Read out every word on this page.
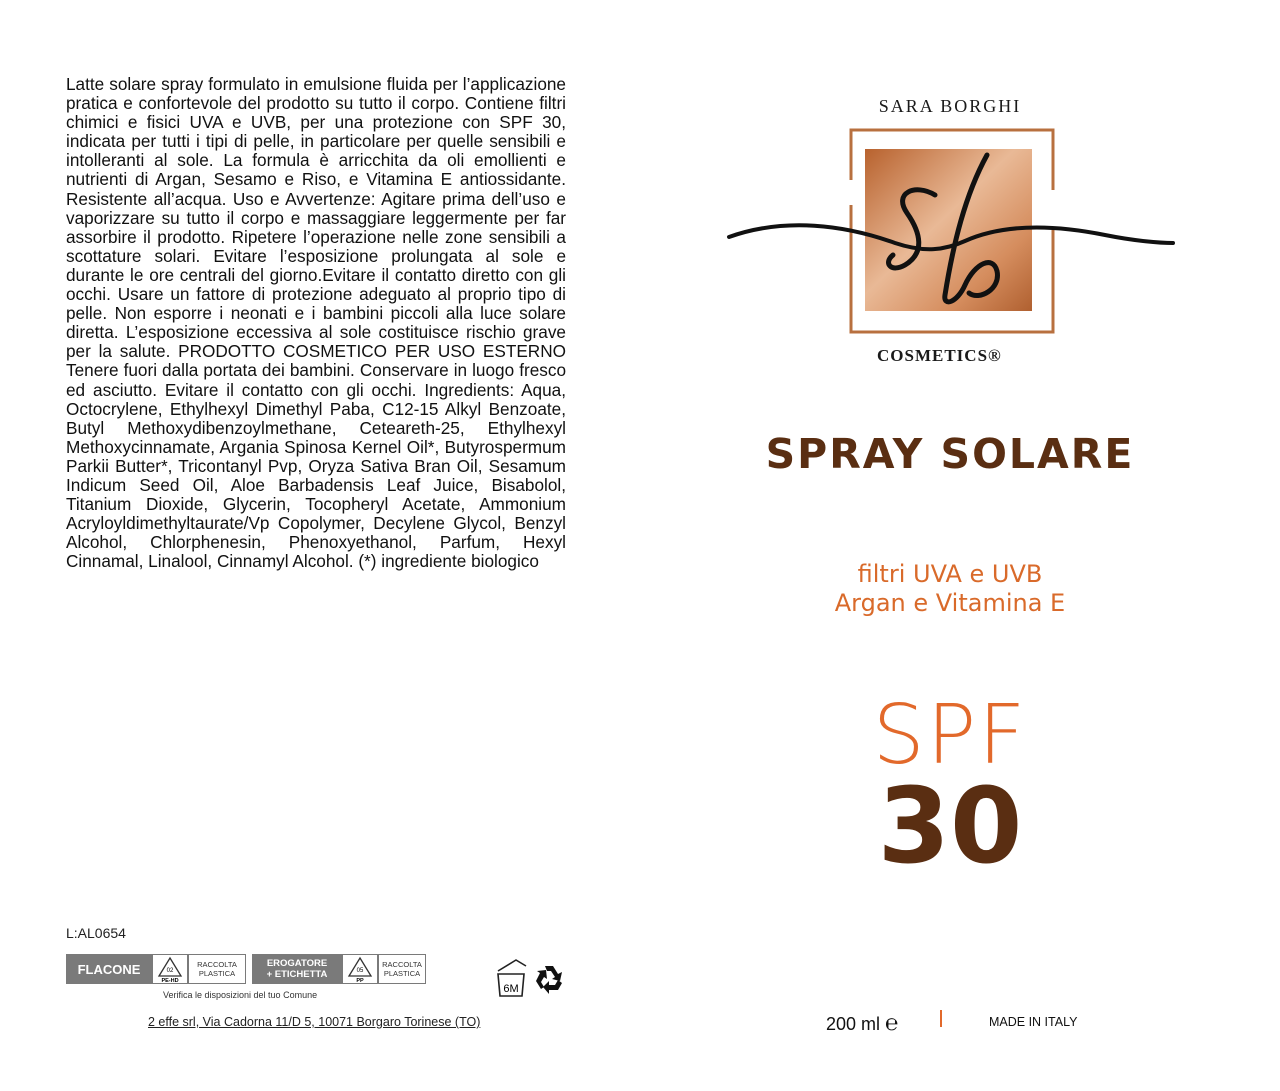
Latte solare spray formulato in emulsione fluida per l’applicazione pratica e confortevole del prodotto su tutto il corpo. Contiene filtri chimici e fisici UVA e UVB, per una protezione con SPF 30, indicata per tutti i tipi di pelle, in particolare per quelle sensibili e intolleranti al sole. La formula è arricchita da oli emollienti e nutrienti di Argan, Sesamo e Riso, e Vitamina E antiossidante. Resistente all’acqua. Uso e Avvertenze: Agitare prima dell’uso e vaporizzare su tutto il corpo e massaggiare leggermente per far assorbire il prodotto. Ripetere l’operazione nelle zone sensibili a scottature solari. Evitare l’esposizione prolungata al sole e durante le ore centrali del giorno.Evitare il contatto diretto con gli occhi. Usare un fattore di protezione adeguato al proprio tipo di pelle. Non esporre i neonati e i bambini piccoli alla luce solare diretta. L’esposizione eccessiva al sole costituisce rischio grave per la salute. PRODOTTO COSMETICO PER USO ESTERNO Tenere fuori dalla portata dei bambini. Conservare in luogo fresco ed asciutto. Evitare il contatto con gli occhi. Ingredients: Aqua, Octocrylene, Ethylhexyl Dimethyl Paba, C12-15 Alkyl Benzoate, Butyl Methoxydibenzoylmethane, Ceteareth-25, Ethylhexyl Methoxycinnamate, Argania Spinosa Kernel Oil*, Butyrospermum Parkii Butter*, Tricontanyl Pvp, Oryza Sativa Bran Oil, Sesamum Indicum Seed Oil, Aloe Barbadensis Leaf Juice, Bisabolol, Titanium Dioxide, Glycerin, Tocopheryl Acetate, Ammonium Acryloyldimethyltaurate/Vp Copolymer, Decylene Glycol, Benzyl Alcohol, Chlorphenesin, Phenoxyethanol, Parfum, Hexyl Cinnamal, Linalool, Cinnamyl Alcohol. (*) ingrediente biologico
L:AL0654
FLACONE	02
PE-HD
RACCOLTA
PLASTICA
EROGATORE
+ ETICHETTA	05
PP
RACCOLTA
PLASTICA
Verifica le disposizioni del tuo Comune	6M
2 effe srl, Via Cadorna 11/D 5, 10071 Borgaro Torinese (TO)
SARA BORGHI
COSMETICS®
SPRAY SOLARE
filtri UVA e UVB
Argan e Vitamina E
SPF
30
200 ml ℮	MADE IN ITALY
